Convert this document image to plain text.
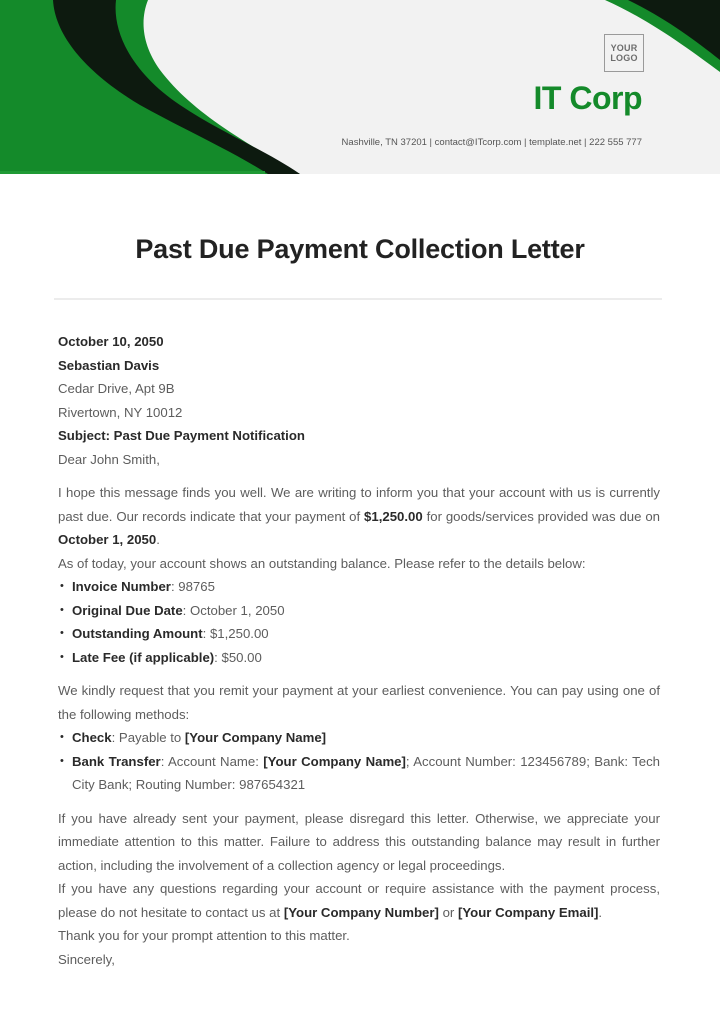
YOUR
LOGO
IT Corp
Nashville, TN 37201 | contact@ITcorp.com | template.net | 222 555 777
Past Due Payment Collection Letter
October 10, 2050
Sebastian Davis
Cedar Drive, Apt 9B
Rivertown, NY 10012
Subject: Past Due Payment Notification
Dear John Smith,

I hope this message finds you well. We are writing to inform you that your account with us is currently past due. Our records indicate that your payment of $1,250.00 for goods/services provided was due on October 1, 2050.

As of today, your account shows an outstanding balance. Please refer to the details below:

• Invoice Number: 98765
• Original Due Date: October 1, 2050
• Outstanding Amount: $1,250.00
• Late Fee (if applicable): $50.00

We kindly request that you remit your payment at your earliest convenience. You can pay using one of the following methods:

• Check: Payable to [Your Company Name]
• Bank Transfer: Account Name: [Your Company Name]; Account Number: 123456789; Bank: Tech City Bank; Routing Number: 987654321

If you have already sent your payment, please disregard this letter. Otherwise, we appreciate your immediate attention to this matter. Failure to address this outstanding balance may result in further action, including the involvement of a collection agency or legal proceedings.

If you have any questions regarding your account or require assistance with the payment process, please do not hesitate to contact us at [Your Company Number] or [Your Company Email].

Thank you for your prompt attention to this matter.

Sincerely,
